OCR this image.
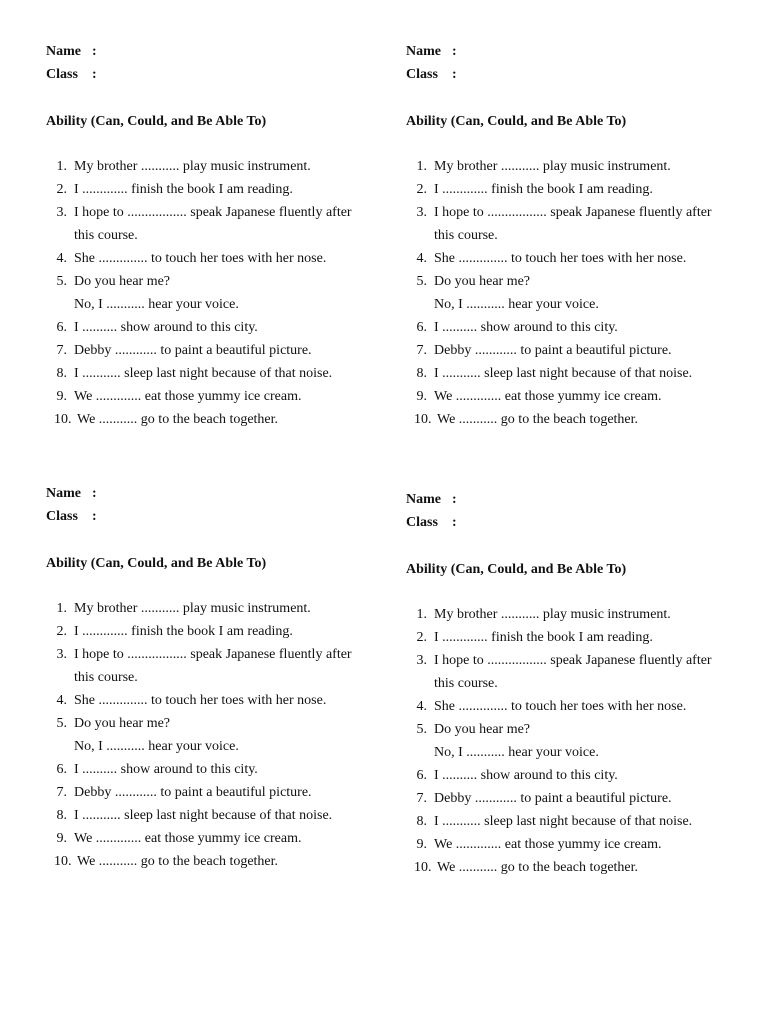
Name :
Class :
Ability (Can, Could, and Be Able To)
1. My brother ........... play music instrument.
2. I ............. finish the book I am reading.
3. I hope to ................. speak Japanese fluently after
this course.
4. She .............. to touch her toes with her nose.
5. Do you hear me?
No, I ........... hear your voice.
6. I .......... show around to this city.
7. Debby ............ to paint a beautiful picture.
8. I ........... sleep last night because of that noise.
9. We ............. eat those yummy ice cream.
10. We ........... go to the beach together.
Name :
Class :
Ability (Can, Could, and Be Able To)
1. My brother ........... play music instrument.
2. I ............. finish the book I am reading.
3. I hope to ................. speak Japanese fluently after
this course.
4. She .............. to touch her toes with her nose.
5. Do you hear me?
No, I ........... hear your voice.
6. I .......... show around to this city.
7. Debby ............ to paint a beautiful picture.
8. I ........... sleep last night because of that noise.
9. We ............. eat those yummy ice cream.
10. We ........... go to the beach together.
Name :
Class :
Ability (Can, Could, and Be Able To)
1. My brother ........... play music instrument.
2. I ............. finish the book I am reading.
3. I hope to ................. speak Japanese fluently after
this course.
4. She .............. to touch her toes with her nose.
5. Do you hear me?
No, I ........... hear your voice.
6. I .......... show around to this city.
7. Debby ............ to paint a beautiful picture.
8. I ........... sleep last night because of that noise.
9. We ............. eat those yummy ice cream.
10. We ........... go to the beach together.
Name :
Class :
Ability (Can, Could, and Be Able To)
1. My brother ........... play music instrument.
2. I ............. finish the book I am reading.
3. I hope to ................. speak Japanese fluently after
this course.
4. She .............. to touch her toes with her nose.
5. Do you hear me?
No, I ........... hear your voice.
6. I .......... show around to this city.
7. Debby ............ to paint a beautiful picture.
8. I ........... sleep last night because of that noise.
9. We ............. eat those yummy ice cream.
10. We ........... go to the beach together.
